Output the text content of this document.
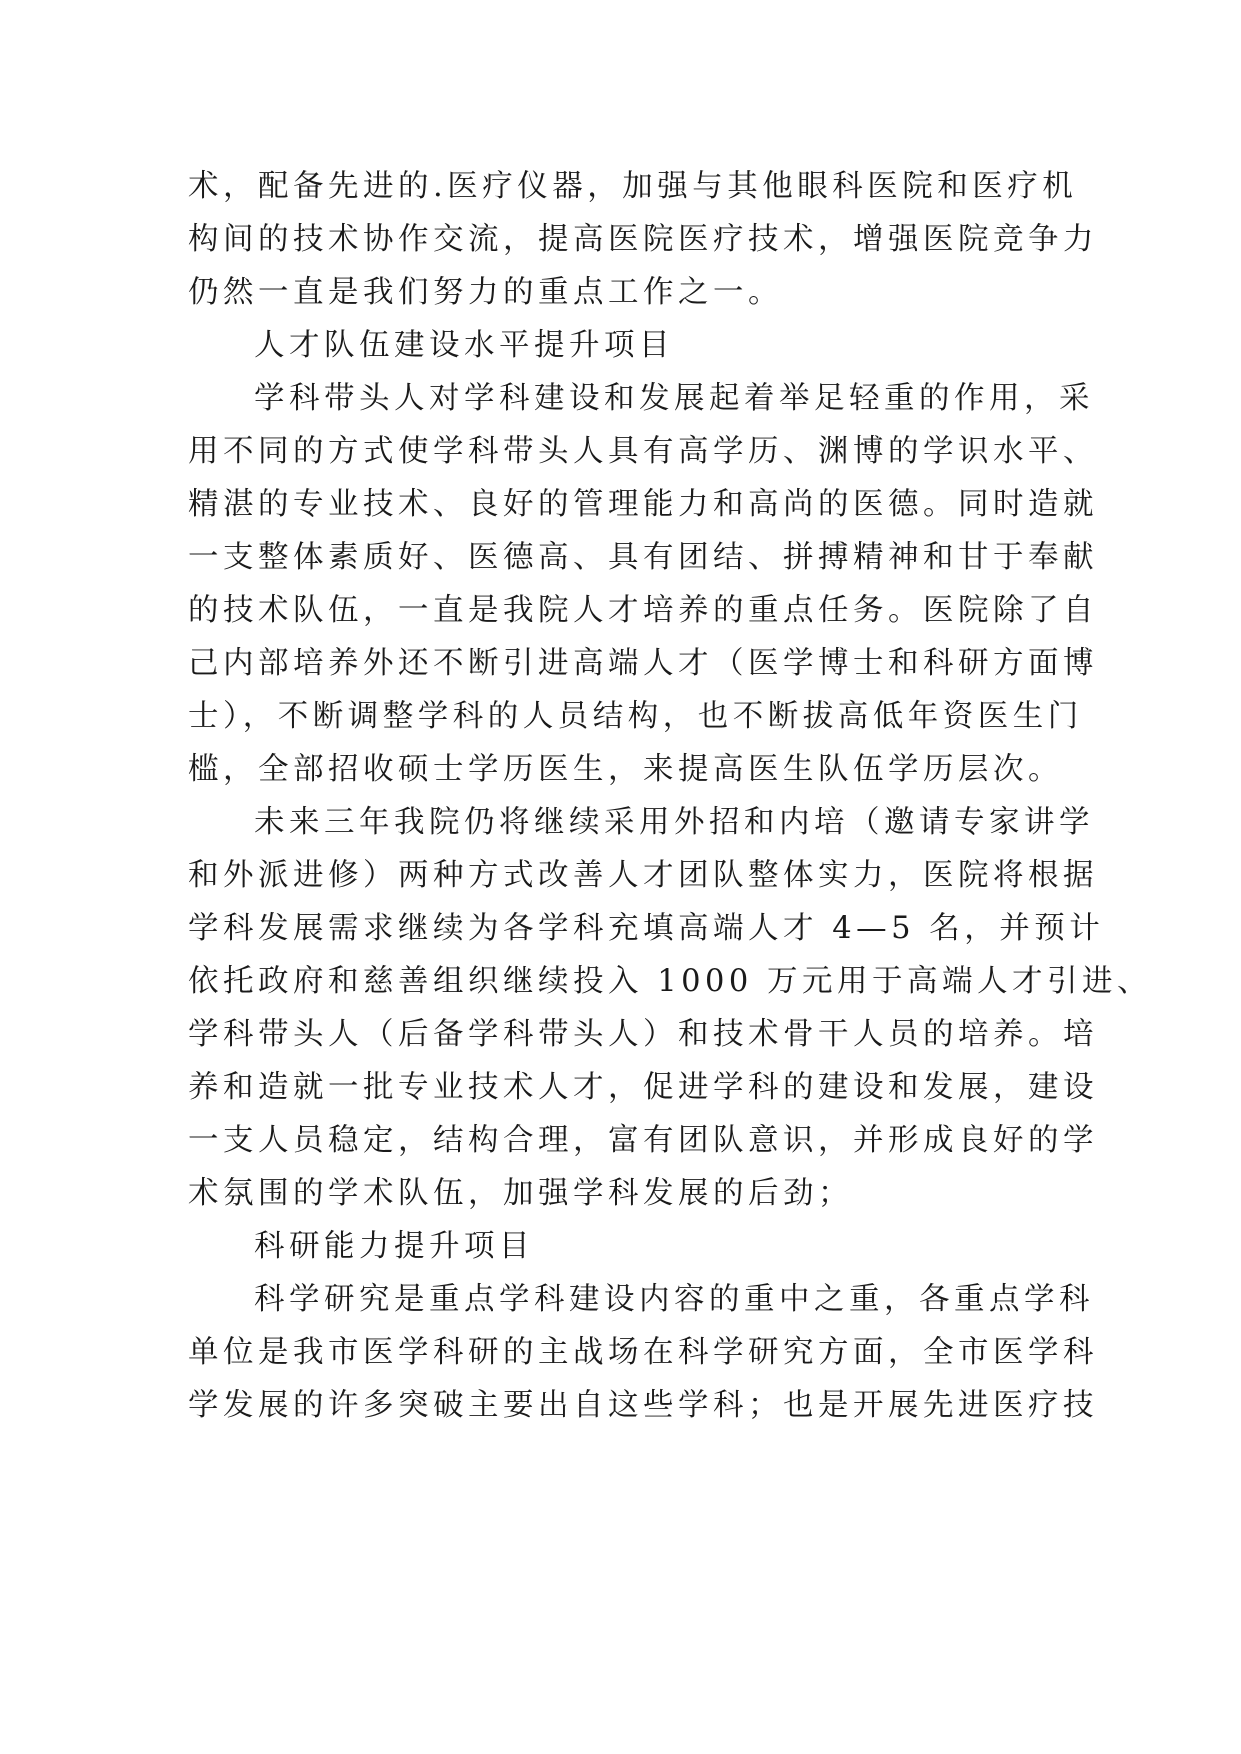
术，配备先进的.医疗仪器，加强与其他眼科医院和医疗机
构间的技术协作交流，提高医院医疗技术，增强医院竞争力
仍然一直是我们努力的重点工作之一。

人才队伍建设水平提升项目

学科带头人对学科建设和发展起着举足轻重的作用，采
用不同的方式使学科带头人具有高学历、渊博的学识水平、
精湛的专业技术、良好的管理能力和高尚的医德。同时造就
一支整体素质好、医德高、具有团结、拼搏精神和甘于奉献
的技术队伍，一直是我院人才培养的重点任务。医院除了自
己内部培养外还不断引进高端人才（医学博士和科研方面博
士），不断调整学科的人员结构，也不断拔高低年资医生门
槛，全部招收硕士学历医生，来提高医生队伍学历层次。

未来三年我院仍将继续采用外招和内培（邀请专家讲学
和外派进修）两种方式改善人才团队整体实力，医院将根据
学科发展需求继续为各学科充填高端人才 4—5 名，并预计
依托政府和慈善组织继续投入 1000 万元用于高端人才引进、
学科带头人（后备学科带头人）和技术骨干人员的培养。培
养和造就一批专业技术人才，促进学科的建设和发展，建设
一支人员稳定，结构合理，富有团队意识，并形成良好的学
术氛围的学术队伍，加强学科发展的后劲；

科研能力提升项目

科学研究是重点学科建设内容的重中之重，各重点学科
单位是我市医学科研的主战场在科学研究方面，全市医学科
学发展的许多突破主要出自这些学科；也是开展先进医疗技
